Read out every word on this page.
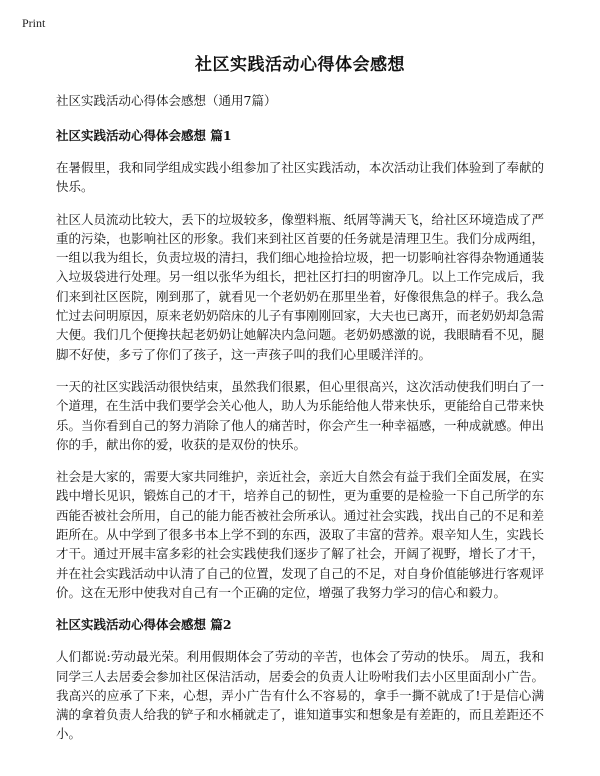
Print

社区实践活动心得体会感想

社区实践活动心得体会感想（通用7篇）

社区实践活动心得体会感想 篇1

在暑假里，我和同学组成实践小组参加了社区实践活动，本次活动让我们体验到了奉献的快乐。

社区人员流动比较大，丢下的垃圾较多，像塑料瓶、纸屑等满天飞，给社区环境造成了严重的污染，也影响社区的形象。我们来到社区首要的任务就是清理卫生。我们分成两组，一组以我为组长，负责垃圾的清扫，我们细心地捡拾垃圾，把一切影响社容得杂物通通装入垃圾袋进行处理。另一组以张华为组长，把社区打扫的明窗净几。以上工作完成后，我们来到社区医院，刚到那了，就看见一个老奶奶在那里坐着，好像很焦急的样子。我么急忙过去问明原因，原来老奶奶陪床的儿子有事刚刚回家，大夫也已离开，而老奶奶却急需大便。我们几个便搀扶起老奶奶让她解决内急问题。老奶奶感激的说，我眼睛看不见，腿脚不好使，多亏了你们了孩子，这一声孩子叫的我们心里暖洋洋的。

一天的社区实践活动很快结束，虽然我们很累，但心里很高兴，这次活动使我们明白了一个道理，在生活中我们要学会关心他人，助人为乐能给他人带来快乐，更能给自己带来快乐。当你看到自己的努力消除了他人的痛苦时，你会产生一种幸福感，一种成就感。伸出你的手，献出你的爱，收获的是双份的快乐。

社会是大家的，需要大家共同维护，亲近社会，亲近大自然会有益于我们全面发展，在实践中增长见识，锻炼自己的才干，培养自己的韧性，更为重要的是检验一下自己所学的东西能否被社会所用，自己的能力能否被社会所承认。通过社会实践，找出自己的不足和差距所在。从中学到了很多书本上学不到的东西，汲取了丰富的营养。艰辛知人生，实践长才干。通过开展丰富多彩的社会实践使我们逐步了解了社会，开阔了视野，增长了才干，并在社会实践活动中认清了自己的位置，发现了自己的不足，对自身价值能够进行客观评价。这在无形中使我对自己有一个正确的定位，增强了我努力学习的信心和毅力。

社区实践活动心得体会感想 篇2

人们都说:劳动最光荣。利用假期体会了劳动的辛苦，也体会了劳动的快乐。 周五，我和同学三人去居委会参加社区保洁活动，居委会的负责人让吩咐我们去小区里面刮小广告。我高兴的应承了下来，心想，弄小广告有什么不容易的，拿手一撕不就成了!于是信心满满的拿着负责人给我的铲子和水桶就走了，谁知道事实和想象是有差距的，而且差距还不小。
